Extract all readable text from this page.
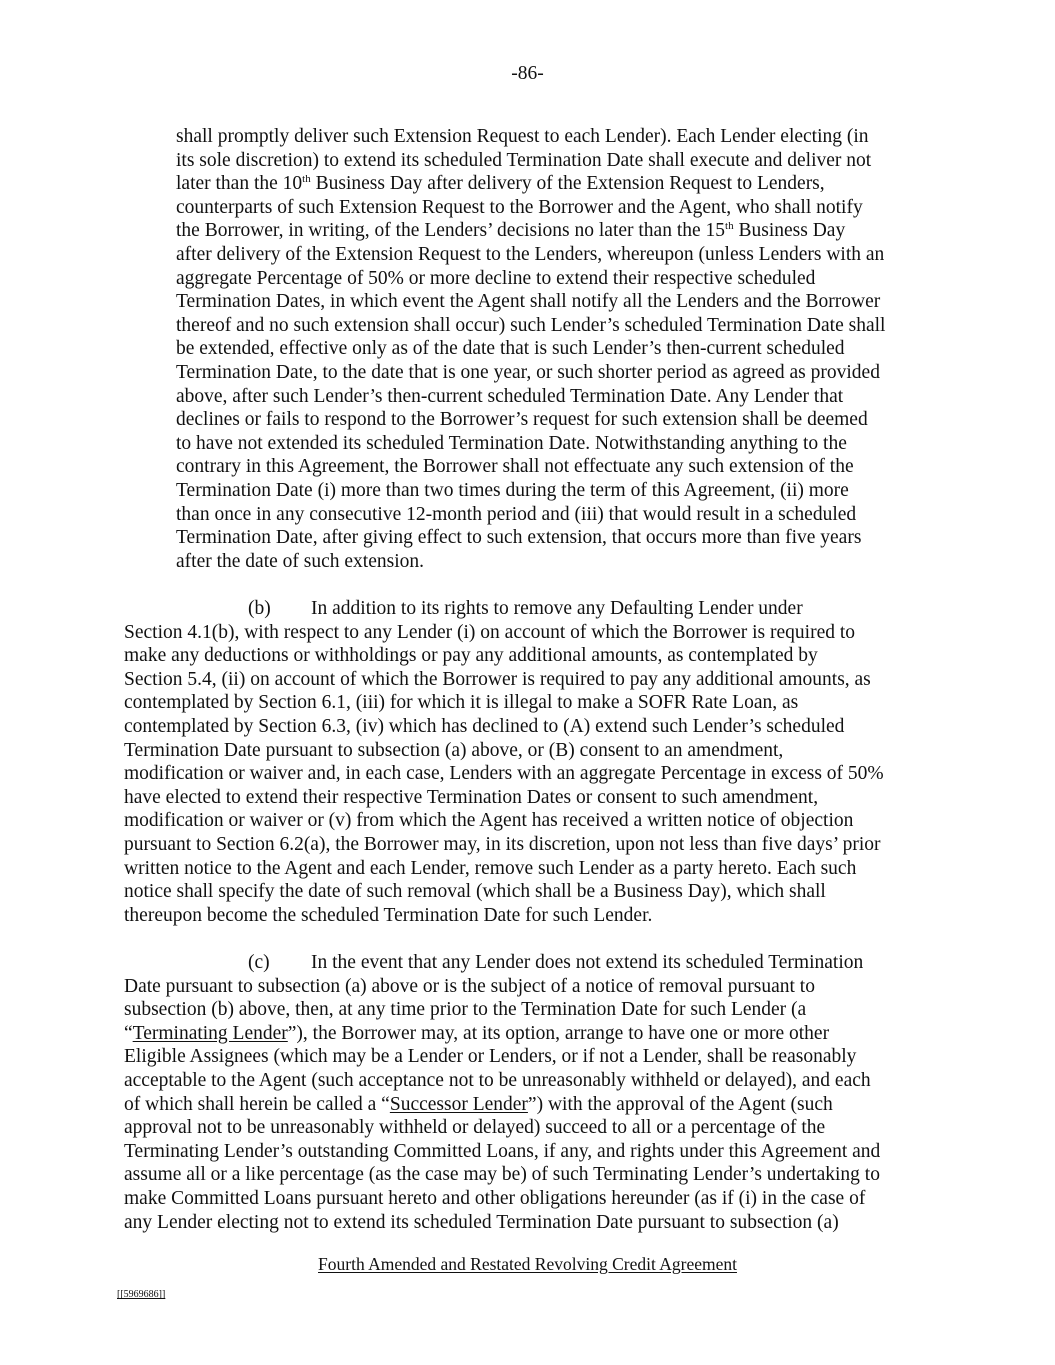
-86-
shall promptly deliver such Extension Request to each Lender). Each Lender electing (in
its sole discretion) to extend its scheduled Termination Date shall execute and deliver not
later than the 10th Business Day after delivery of the Extension Request to Lenders,
counterparts of such Extension Request to the Borrower and the Agent, who shall notify
the Borrower, in writing, of the Lenders’ decisions no later than the 15th Business Day
after delivery of the Extension Request to the Lenders, whereupon (unless Lenders with an
aggregate Percentage of 50% or more decline to extend their respective scheduled
Termination Dates, in which event the Agent shall notify all the Lenders and the Borrower
thereof and no such extension shall occur) such Lender’s scheduled Termination Date shall
be extended, effective only as of the date that is such Lender’s then-current scheduled
Termination Date, to the date that is one year, or such shorter period as agreed as provided
above, after such Lender’s then-current scheduled Termination Date. Any Lender that
declines or fails to respond to the Borrower’s request for such extension shall be deemed
to have not extended its scheduled Termination Date. Notwithstanding anything to the
contrary in this Agreement, the Borrower shall not effectuate any such extension of the
Termination Date (i) more than two times during the term of this Agreement, (ii) more
than once in any consecutive 12-month period and (iii) that would result in a scheduled
Termination Date, after giving effect to such extension, that occurs more than five years
after the date of such extension.
(b) In addition to its rights to remove any Defaulting Lender under
Section 4.1(b), with respect to any Lender (i) on account of which the Borrower is required to
make any deductions or withholdings or pay any additional amounts, as contemplated by
Section 5.4, (ii) on account of which the Borrower is required to pay any additional amounts, as
contemplated by Section 6.1, (iii) for which it is illegal to make a SOFR Rate Loan, as
contemplated by Section 6.3, (iv) which has declined to (A) extend such Lender’s scheduled
Termination Date pursuant to subsection (a) above, or (B) consent to an amendment,
modification or waiver and, in each case, Lenders with an aggregate Percentage in excess of 50%
have elected to extend their respective Termination Dates or consent to such amendment,
modification or waiver or (v) from which the Agent has received a written notice of objection
pursuant to Section 6.2(a), the Borrower may, in its discretion, upon not less than five days’ prior
written notice to the Agent and each Lender, remove such Lender as a party hereto. Each such
notice shall specify the date of such removal (which shall be a Business Day), which shall
thereupon become the scheduled Termination Date for such Lender.
(c) In the event that any Lender does not extend its scheduled Termination
Date pursuant to subsection (a) above or is the subject of a notice of removal pursuant to
subsection (b) above, then, at any time prior to the Termination Date for such Lender (a
“Terminating Lender”), the Borrower may, at its option, arrange to have one or more other
Eligible Assignees (which may be a Lender or Lenders, or if not a Lender, shall be reasonably
acceptable to the Agent (such acceptance not to be unreasonably withheld or delayed), and each
of which shall herein be called a “Successor Lender”) with the approval of the Agent (such
approval not to be unreasonably withheld or delayed) succeed to all or a percentage of the
Terminating Lender’s outstanding Committed Loans, if any, and rights under this Agreement and
assume all or a like percentage (as the case may be) of such Terminating Lender’s undertaking to
make Committed Loans pursuant hereto and other obligations hereunder (as if (i) in the case of
any Lender electing not to extend its scheduled Termination Date pursuant to subsection (a)
Fourth Amended and Restated Revolving Credit Agreement
[[5969686]]
